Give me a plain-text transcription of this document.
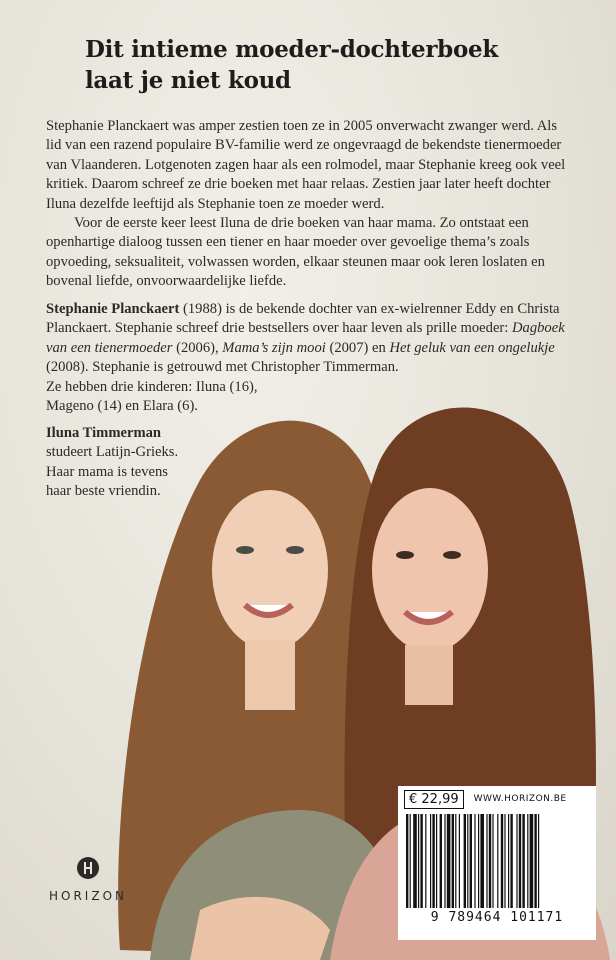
Dit intieme moeder-dochterboek
laat je niet koud

Stephanie Planckaert was amper zestien toen ze in 2005 onverwacht zwanger werd. Als lid van een razend populaire BV-familie werd ze ongevraagd de bekendste tienermoeder van Vlaanderen. Lotgenoten zagen haar als een rolmodel, maar Stephanie kreeg ook veel kritiek. Daarom schreef ze drie boeken met haar relaas. Zestien jaar later heeft dochter Iluna dezelfde leeftijd als Stephanie toen ze moeder werd.

Voor de eerste keer leest Iluna de drie boeken van haar mama. Zo ontstaat een openhartige dialoog tussen een tiener en haar moeder over gevoelige thema’s zoals opvoeding, seksualiteit, volwassen worden, elkaar steunen maar ook leren loslaten en bovenal liefde, onvoorwaardelijke liefde.

Stephanie Planckaert (1988) is de bekende dochter van ex-wielrenner Eddy en Christa Planckaert. Stephanie schreef drie bestsellers over haar leven als prille moeder: Dagboek van een tienermoeder (2006), Mama’s zijn mooi (2007) en Het geluk van een ongelukje (2008). Stephanie is getrouwd met Christopher Timmerman.
Ze hebben drie kinderen: Iluna (16),
Mageno (14) en Elara (6).
Iluna Timmerman
studeert Latijn-Grieks.
Haar mama is tevens
haar beste vriendin.
HORIZON
€ 22,99	WWW.HORIZON.BE
9 789464 101171
